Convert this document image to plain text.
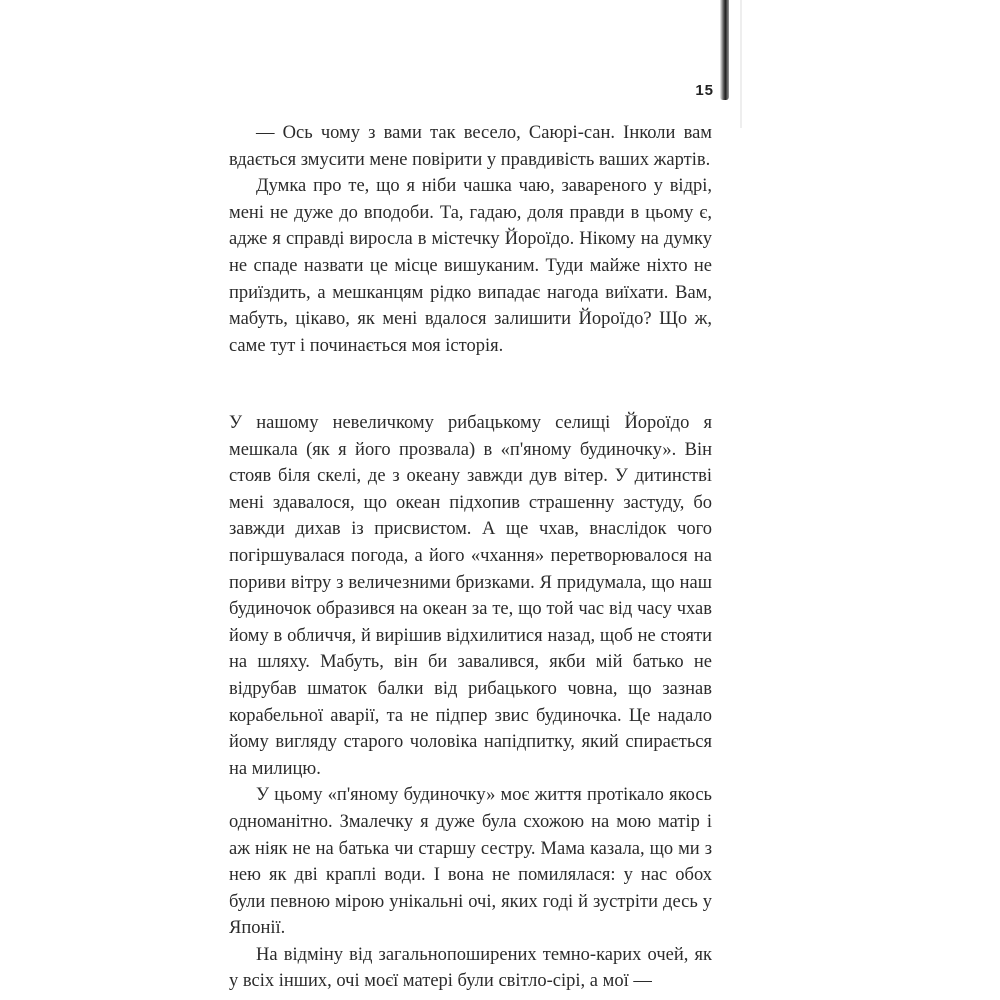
15

— Ось чому з вами так весело, Саюрі-сан. Інколи вам вдається змусити мене повірити у правдивість ваших жартів.

Думка про те, що я ніби чашка чаю, завареного у відрі, мені не дуже до вподоби. Та, гадаю, доля правди в цьому є, адже я справді виросла в містечку Йороїдо. Нікому на думку не спаде назвати це місце вишуканим. Туди майже ніхто не приїздить, а мешканцям рідко випадає нагода виїхати. Вам, мабуть, цікаво, як мені вдалося залишити Йороїдо? Що ж, саме тут і починається моя історія.

У нашому невеличкому рибацькому селищі Йороїдо я мешкала (як я його прозвала) в «п'яному будиночку». Він стояв біля скелі, де з океану завжди дув вітер. У дитинстві мені здавалося, що океан підхопив страшенну застуду, бо завжди дихав із присвистом. А ще чхав, внаслідок чого погіршувалася погода, а його «чхання» перетворювалося на пориви вітру з величезними бризками. Я придумала, що наш будиночок образився на океан за те, що той час від часу чхав йому в обличчя, й вирішив відхилитися назад, щоб не стояти на шляху. Мабуть, він би завалився, якби мій батько не відрубав шматок балки від рибацького човна, що зазнав корабельної аварії, та не підпер звис будиночка. Це надало йому вигляду старого чоловіка напідпитку, який спирається на милицю.

У цьому «п'яному будиночку» моє життя протікало якось одноманітно. Змалечку я дуже була схожою на мою матір і аж ніяк не на батька чи старшу сестру. Мама казала, що ми з нею як дві краплі води. І вона не помилялася: у нас обох були певною мірою унікальні очі, яких годі й зустріти десь у Японії.

На відміну від загальнопоширених темно-карих очей, як у всіх інших, очі моєї матері були світло-сірі, а мої —
